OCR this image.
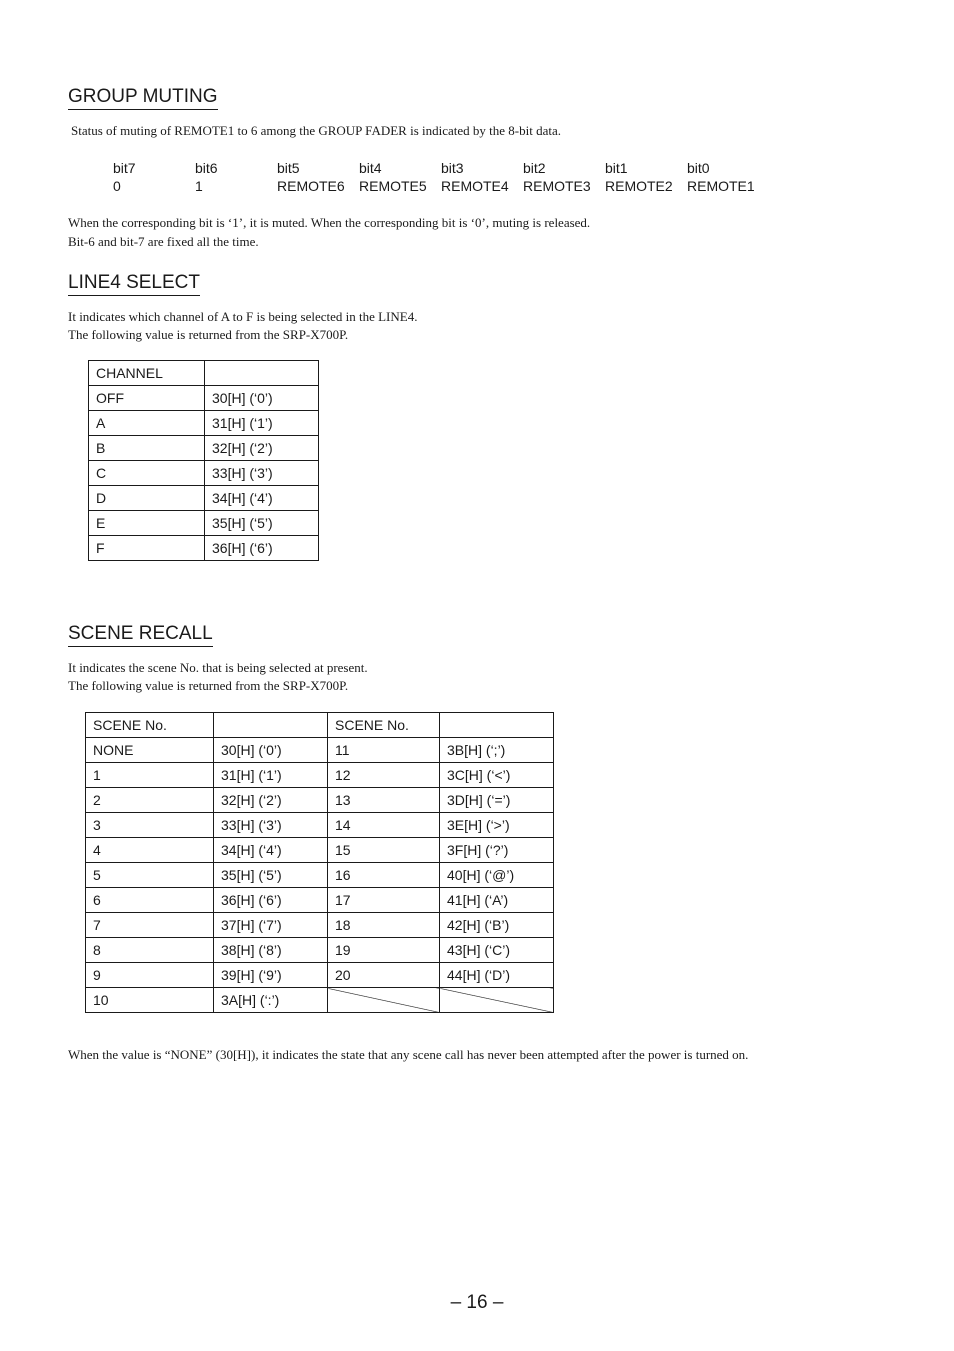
GROUP MUTING

Status of muting of REMOTE1 to 6 among the GROUP FADER is indicated by the 8-bit data.

bit7	bit6	bit5	bit4	bit3	bit2	bit1	bit0
0	1	REMOTE6	REMOTE5	REMOTE4	REMOTE3	REMOTE2	REMOTE1

When the corresponding bit is ‘1’, it is muted. When the corresponding bit is ‘0’, muting is released.

Bit-6 and bit-7 are fixed all the time.

LINE4 SELECT

It indicates which channel of A to F is being selected in the LINE4.

The following value is returned from the SRP-X700P.

CHANNEL	
OFF	30[H] (‘0’)
A	31[H] (‘1’)
B	32[H] (‘2’)
C	33[H] (‘3’)
D	34[H] (‘4’)
E	35[H] (‘5’)
F	36[H] (‘6’)
SCENE RECALL

It indicates the scene No. that is being selected at present.

The following value is returned from the SRP-X700P.

SCENE No.		SCENE No.	
NONE	30[H] (‘0’)	11	3B[H] (‘;’)
1	31[H] (‘1’)	12	3C[H] (‘<’)
2	32[H] (‘2’)	13	3D[H] (‘=’)
3	33[H] (‘3’)	14	3E[H] (‘>’)
4	34[H] (‘4’)	15	3F[H] (‘?’)
5	35[H] (‘5’)	16	40[H] (‘@’)
6	36[H] (‘6’)	17	41[H] (‘A’)
7	37[H] (‘7’)	18	42[H] (‘B’)
8	38[H] (‘8’)	19	43[H] (‘C’)
9	39[H] (‘9’)	20	44[H] (‘D’)
10	3A[H] (‘:’)		

When the value is “NONE” (30[H]), it indicates the state that any scene call has never been attempted after the power is turned on.

– 16 –
